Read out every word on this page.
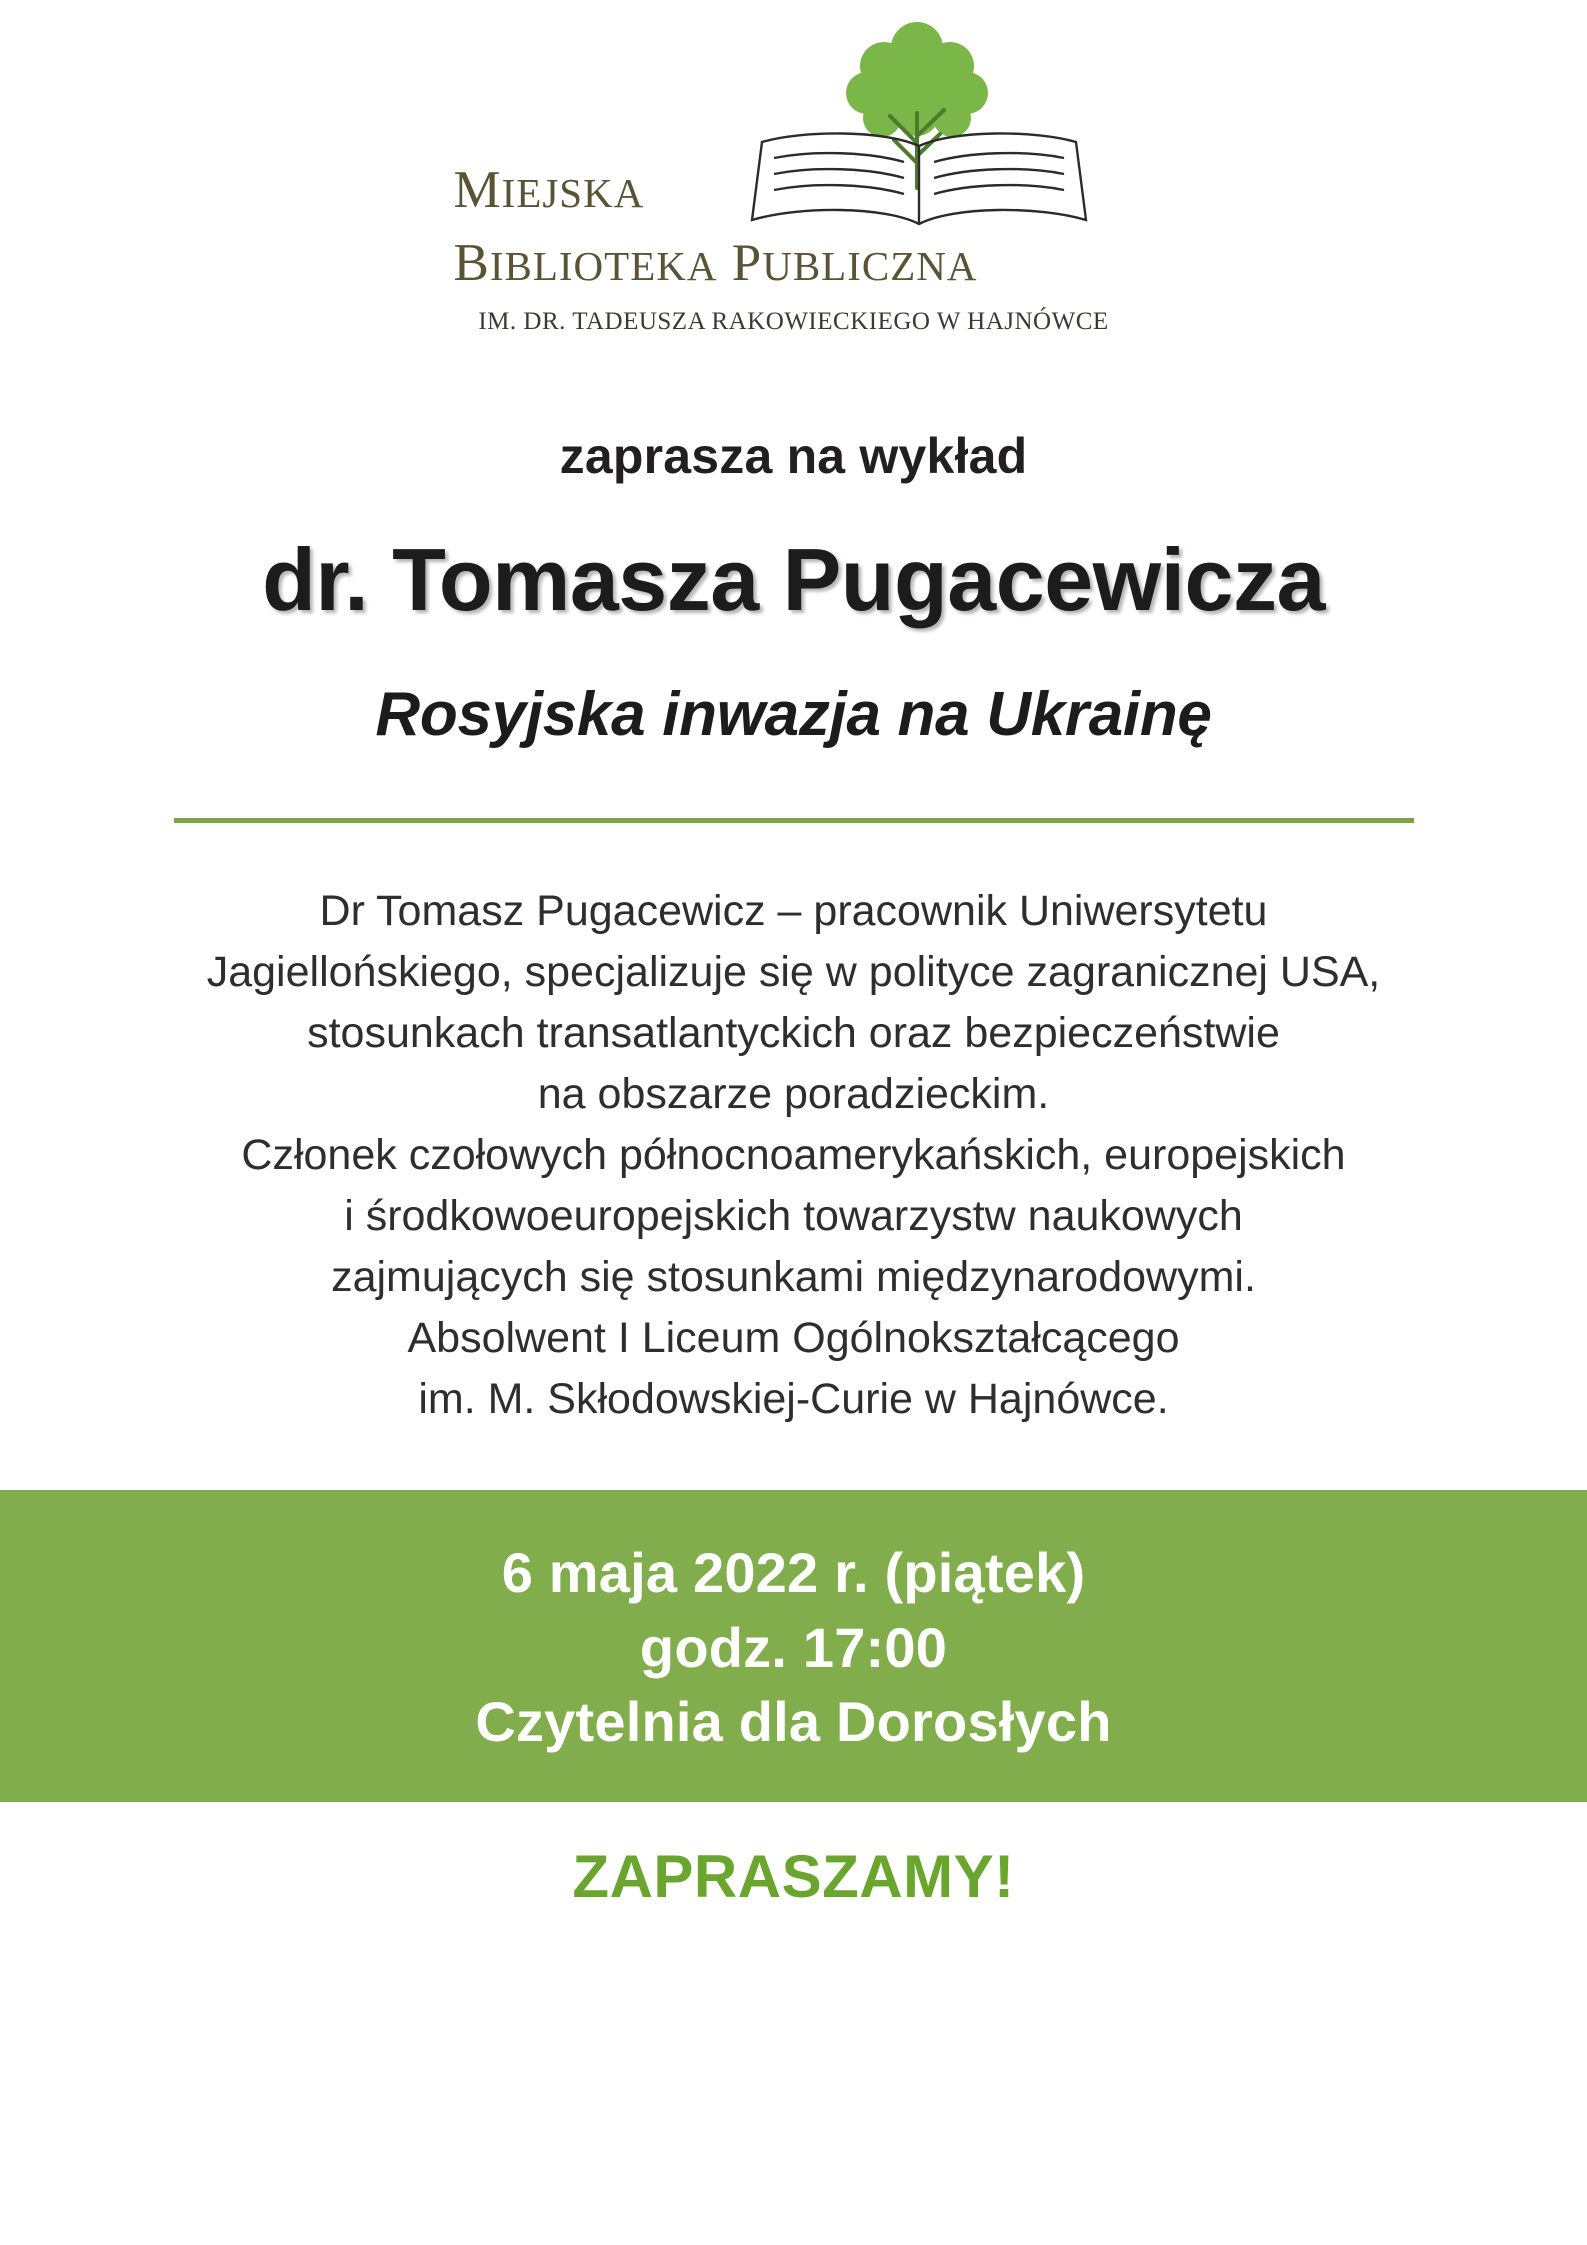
MIEJSKA
BIBLIOTEKA PUBLICZNA
IM. DR. TADEUSZA RAKOWIECKIEGO W HAJNÓWCE
zaprasza na wykład
dr. Tomasza Pugacewicza
Rosyjska inwazja na Ukrainę

Dr Tomasz Pugacewicz – pracownik Uniwersytetu

Jagiellońskiego, specjalizuje się w polityce zagranicznej USA,

stosunkach transatlantyckich oraz bezpieczeństwie

na obszarze poradzieckim.

Członek czołowych północnoamerykańskich, europejskich

i środkowoeuropejskich towarzystw naukowych

zajmujących się stosunkami międzynarodowymi.

Absolwent I Liceum Ogólnokształcącego

im. M. Skłodowskiej-Curie w Hajnówce.

6 maja 2022 r. (piątek)
godz. 17:00
Czytelnia dla Dorosłych
ZAPRASZAMY!
